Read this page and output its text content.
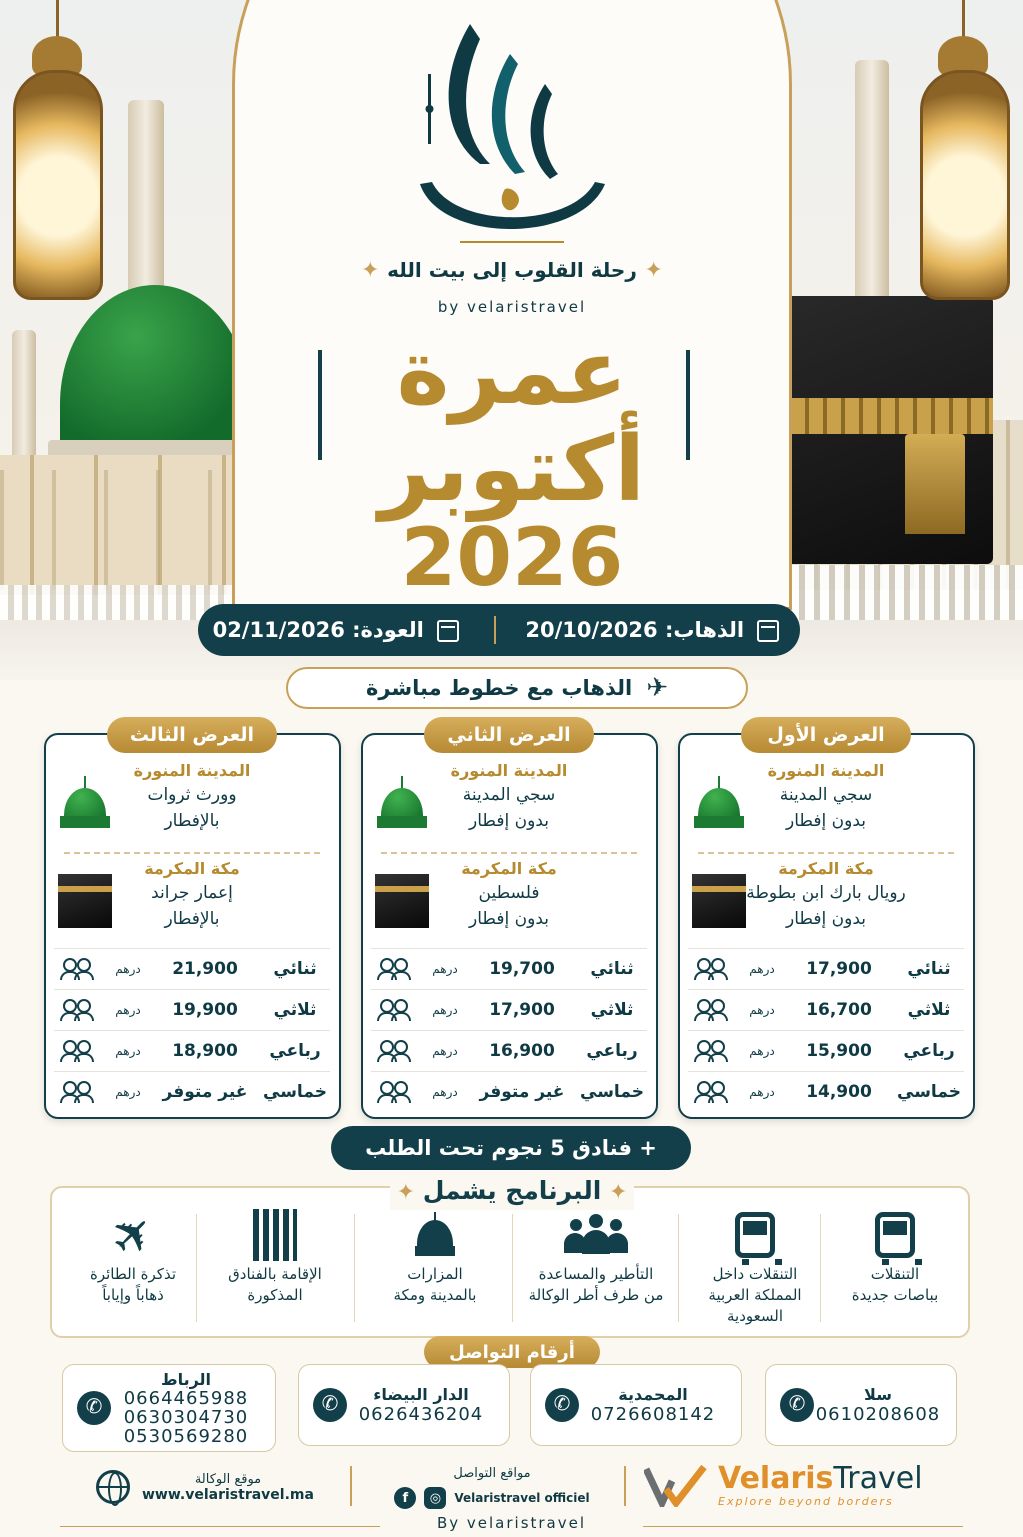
✦ رحلة القلوب إلى بيت الله ✦
by velaristravel
عمرة
أكتوبر
2026
الذهاب: 20/10/2026
العودة: 02/11/2026
✈
الذهاب مع خطوط مباشرة
العرض الأول
المدينة المنورة
سجي المدينة
بدون إفطار
مكة المكرمة
رويال بارك ابن بطوطة
بدون إفطار
ثنائي
17,900
درهم
ثلاثي
16,700
درهم
رباعي
15,900
درهم
خماسي
14,900
درهم
العرض الثاني
المدينة المنورة
سجي المدينة
بدون إفطار
مكة المكرمة
فلسطين
بدون إفطار
ثنائي
19,700
درهم
ثلاثي
17,900
درهم
رباعي
16,900
درهم
خماسي
غير متوفر
درهم
العرض الثالث
المدينة المنورة
وورث ثروات
بالإفطار
مكة المكرمة
إعمار جراند
بالإفطار
ثنائي
21,900
درهم
ثلاثي
19,900
درهم
رباعي
18,900
درهم
خماسي
غير متوفر
درهم
+ فنادق 5 نجوم تحت الطلب
✦ البرنامج يشمل ✦
التنقلات
بباصات جديدة
التنقلات داخل
المملكة العربية
السعودية
التأطير والمساعدة
من طرف أطر الوكالة
المزارات
بالمدينة ومكة
الإقامة بالفنادق
المذكورة
✈
تذكرة الطائرة
ذهاباً وإياباً
أرقام التواصل
✆
سلا
0610208608
✆
المحمدية
0726608142
✆
الدار البيضاء
0626436204
✆
الرباط
0664465988
0630304730
0530569280
VelarisTravel
Explore beyond borders
مواقع التواصل
f	◎	Velaristravel officiel
موقع الوكالة
www.velaristravel.ma
By velaristravel
